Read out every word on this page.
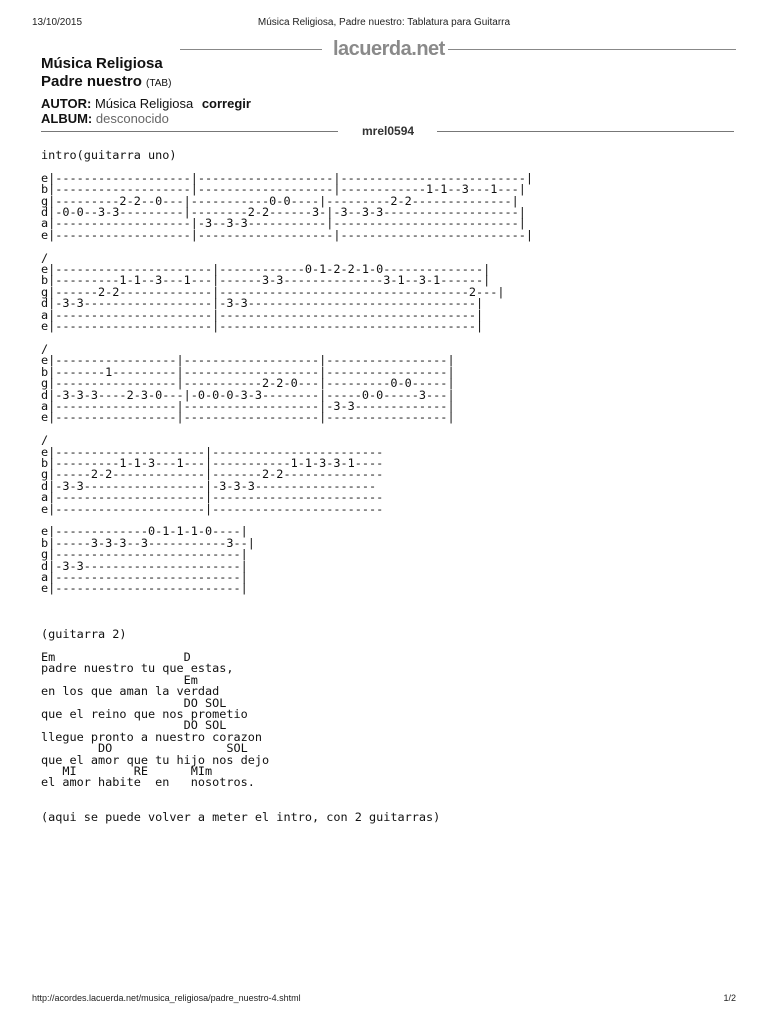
13/10/2015	Música Religiosa, Padre nuestro: Tablatura para Guitarra
lacuerda.net
Música Religiosa
Padre nuestro (TAB)
AUTOR: Música Religiosa corregir
ALBUM: desconocido
mrel0594
intro(guitarra uno)

e|-------------------|-------------------|--------------------------|
b|-------------------|-------------------|------------1-1--3---1---|
g|---------2-2--0---|-----------0-0----|---------2-2--------------|
d|-0-0--3-3---------|--------2-2------3-|-3--3-3-------------------|
a|-------------------|-3--3-3-----------|--------------------------|
e|-------------------|-------------------|--------------------------|

/
e|----------------------|------------0-1-2-2-1-0--------------|
b|---------1-1--3---1---|------3-3--------------3-1--3-1------|
g|------2-2-------------|-----------------------------------2---|
d|-3-3------------------|-3-3--------------------------------|
a|----------------------|------------------------------------|
e|----------------------|------------------------------------|

/
e|-----------------|-------------------|-----------------|
b|-------1---------|-------------------|-----------------|
g|-----------------|-----------2-2-0---|---------0-0-----|
d|-3-3-3----2-3-0---|-0-0-0-3-3--------|-----0-0-----3---|
a|-----------------|-------------------|-3-3-------------|
e|-----------------|-------------------|-----------------|

/
e|---------------------|------------------------
b|---------1-1-3---1---|-----------1-1-3-3-1----
g|-----2-2-------------|-------2-2--------------
d|-3-3-----------------|-3-3-3-----------------
a|---------------------|------------------------
e|---------------------|------------------------

e|-------------0-1-1-1-0----|
b|-----3-3-3--3-----------3--|
g|--------------------------|
d|-3-3----------------------|
a|--------------------------|
e|--------------------------|

(guitarra 2)

Em                  D
padre nuestro tu que estas,
Em
en los que aman la verdad
DO SOL
que el reino que nos prometio
DO SOL
llegue pronto a nuestro corazon
DO                SOL
que el amor que tu hijo nos dejo
MI        RE      MIm
el amor habite  en   nosotros.

(aqui se puede volver a meter el intro, con 2 guitarras)
http://acordes.lacuerda.net/musica_religiosa/padre_nuestro-4.shtml	1/2
